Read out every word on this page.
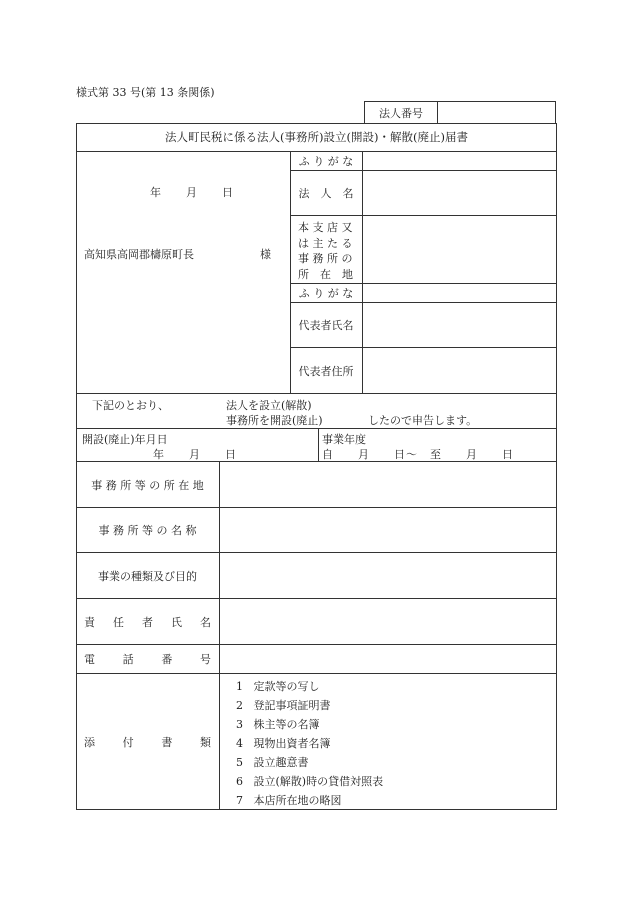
様式第 33 号(第 13 条関係)
法人番号
法人町民税に係る法人(事務所)設立(開設)・解散(廃止)届書
年　　月　　日
高知県高岡郡檮原町長	様
ふ り が な
法　人　名
本 支 店 又
は 主 た る
事 務 所 の
所　在　地
ふ り が な
代表者氏名
代表者住所
下記のとおり、	法人を設立(解散)
事務所を開設(廃止)	したので申告します。
開設(廃止)年月日
年　　月　　日
事業年度
自　　月　　日〜　至　　月　　日
事 務 所 等 の 所 在 地
事 務 所 等 の 名 称
事業の種類及び目的
責 任 者 氏 名
電	話	番	号
添	付	書	類
1 定款等の写し
2 登記事項証明書
3 株主等の名簿
4 現物出資者名簿
5 設立趣意書
6 設立(解散)時の貸借対照表
7 本店所在地の略図
